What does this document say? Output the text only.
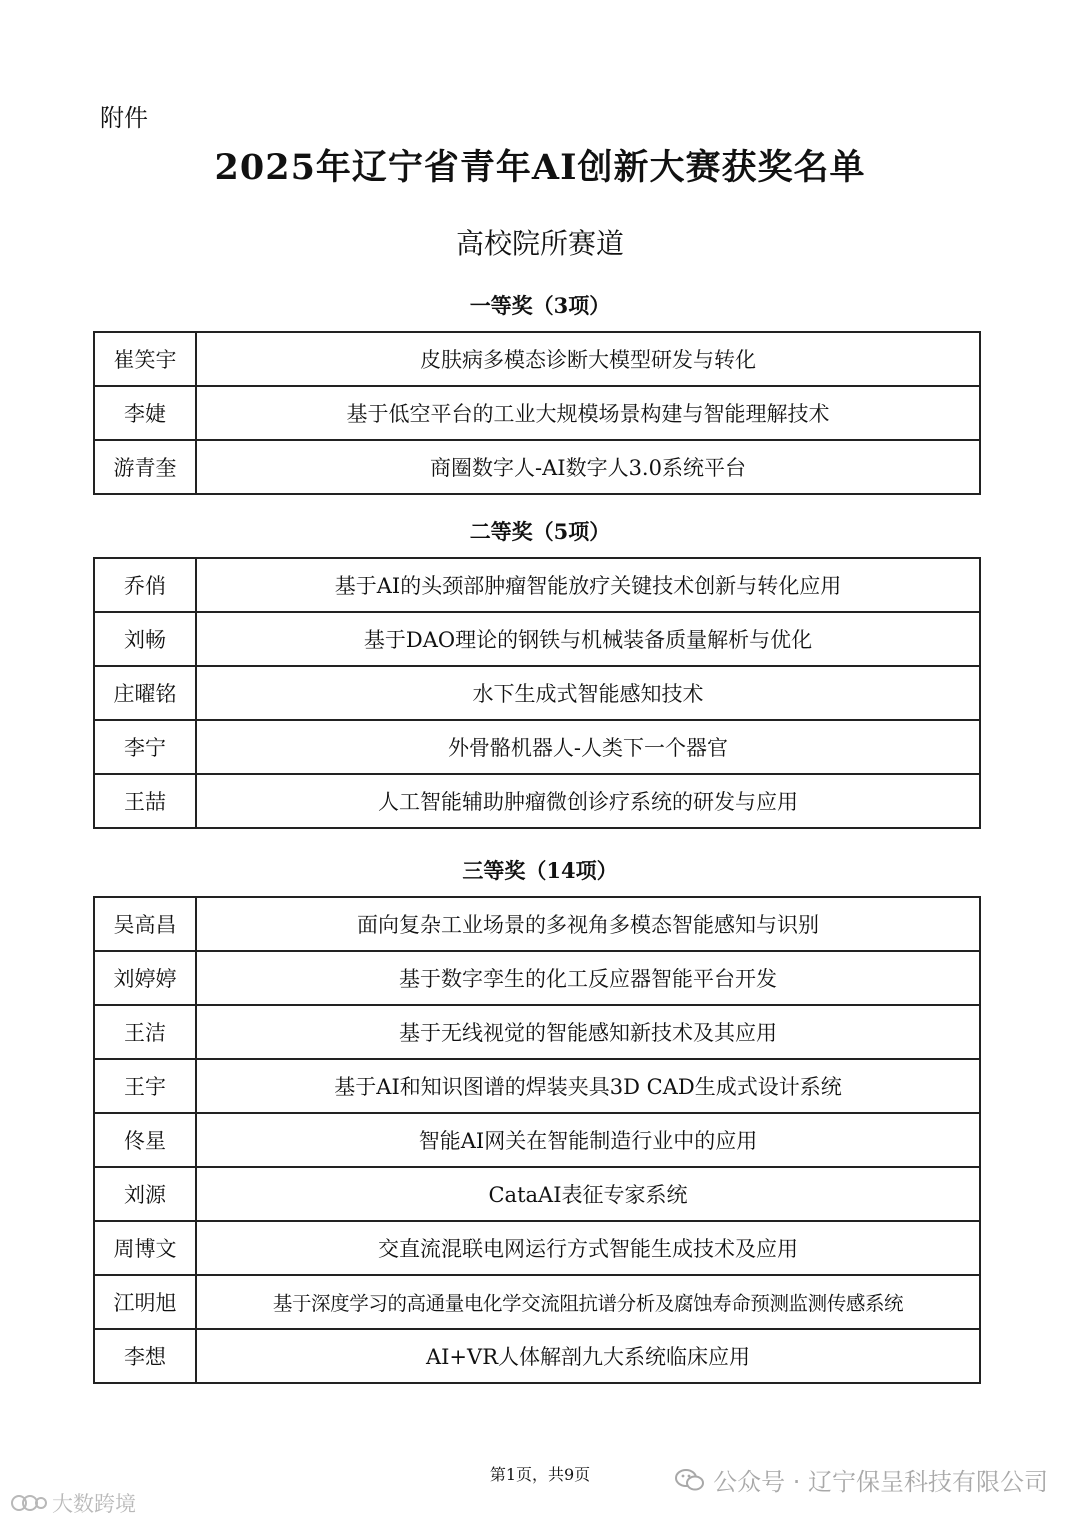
附件
2025年辽宁省青年AI创新大赛获奖名单
高校院所赛道
一等奖（3项）
崔笑宇	皮肤病多模态诊断大模型研发与转化
李婕	基于低空平台的工业大规模场景构建与智能理解技术
游青奎	商圈数字人-AI数字人3.0系统平台
二等奖（5项）
乔俏	基于AI的头颈部肿瘤智能放疗关键技术创新与转化应用
刘畅	基于DAO理论的钢铁与机械装备质量解析与优化
庄曜铭	水下生成式智能感知技术
李宁	外骨骼机器人-人类下一个器官
王喆	人工智能辅助肿瘤微创诊疗系统的研发与应用
三等奖（14项）
吴高昌	面向复杂工业场景的多视角多模态智能感知与识别
刘婷婷	基于数字孪生的化工反应器智能平台开发
王洁	基于无线视觉的智能感知新技术及其应用
王宇	基于AI和知识图谱的焊装夹具3D CAD生成式设计系统
佟星	智能AI网关在智能制造行业中的应用
刘源	CataAI表征专家系统
周博文	交直流混联电网运行方式智能生成技术及应用
江明旭	基于深度学习的高通量电化学交流阻抗谱分析及腐蚀寿命预测监测传感系统
李想	AI+VR人体解剖九大系统临床应用
第1页，共9页	公众号 · 辽宁保呈科技有限公司
大数跨境
